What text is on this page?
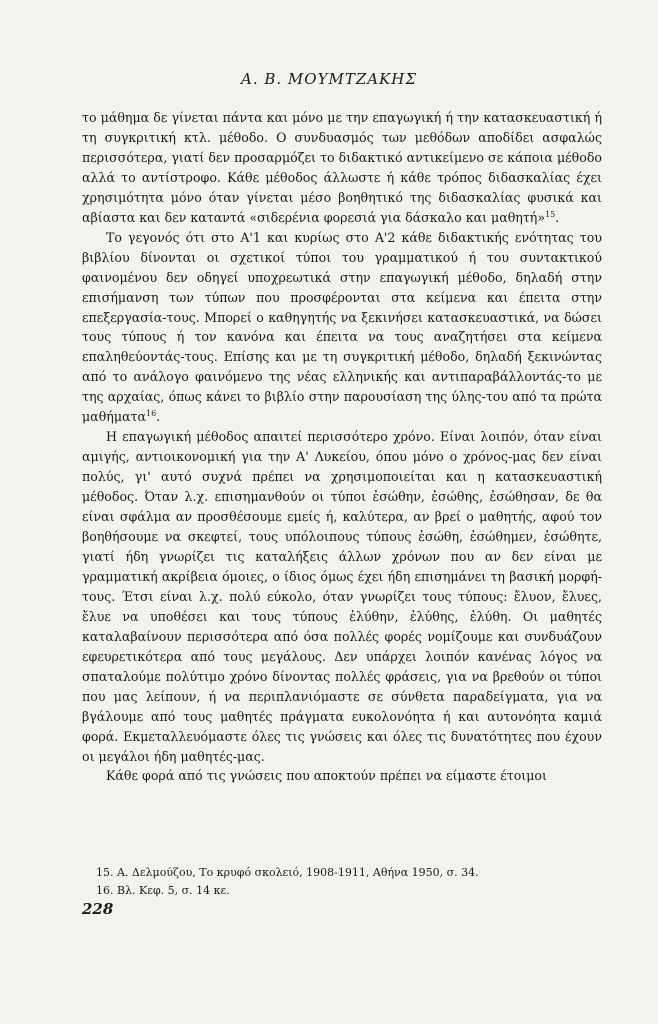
Α. Β. ΜΟΥΜΤΖΑΚΗΣ

το μάθημα δε γίνεται πάντα και μόνο με την επαγωγική ή την κατασκευαστική ή τη συγκριτική κτλ. μέθοδο. Ο συνδυασμός των μεθόδων αποδίδει ασφαλώς περισσότερα, γιατί δεν προσαρμόζει το διδακτικό αντικείμενο σε κάποια μέθοδο αλλά το αντίστροφο. Κάθε μέθοδος άλλωστε ή κάθε τρόπος διδασκαλίας έχει χρησιμότητα μόνο όταν γίνεται μέσο βοηθητικό της διδασκαλίας φυσικά και αβίαστα και δεν καταντά «σιδερένια φορεσιά για δάσκαλο και μαθητή»$^{15}$.

Το γεγονός ότι στο Α'1 και κυρίως στο Α'2 κάθε διδακτικής ενότητας του βιβλίου δίνονται οι σχετικοί τύποι του γραμματικού ή του συντακτικού φαινομένου δεν οδηγεί υποχρεωτικά στην επαγωγική μέθοδο, δηλαδή στην επισήμανση των τύπων που προσφέρονται στα κείμενα και έπειτα στην επεξεργασία-τους. Μπορεί ο καθηγητής να ξεκινήσει κατασκευαστικά, να δώσει τους τύπους ή τον κανόνα και έπειτα να τους αναζητήσει στα κείμενα επαληθεύοντάς-τους. Επίσης και με τη συγκριτική μέθοδο, δηλαδή ξεκινώντας από το ανάλογο φαινόμενο της νέας ελληνικής και αντιπαραβάλλοντάς-το με της αρχαίας, όπως κάνει το βιβλίο στην παρουσίαση της ύλης-του από τα πρώτα μαθήματα$^{16}$.

Η επαγωγική μέθοδος απαιτεί περισσότερο χρόνο. Είναι λοιπόν, όταν είναι αμιγής, αντιοικονομική για την Α' Λυκείου, όπου μόνο ο χρόνος-μας δεν είναι πολύς, γι' αυτό συχνά πρέπει να χρησιμοποιείται και η κατασκευαστική μέθοδος. Όταν λ.χ. επισημανθούν οι τύποι ἐσώθην, ἐσώθης, ἐσώθησαν, δε θα είναι σφάλμα αν προσθέσουμε εμείς ή, καλύτερα, αν βρεί ο μαθητής, αφού τον βοηθήσουμε να σκεφτεί, τους υπόλοιπους τύπους ἐσώθη, ἐσώθημεν, ἐσώθητε, γιατί ήδη γνωρίζει τις καταλήξεις άλλων χρόνων που αν δεν είναι με γραμματική ακρίβεια όμοιες, ο ίδιος όμως έχει ήδη επισημάνει τη βασική μορφή-τους. Έτσι είναι λ.χ. πολύ εύκολο, όταν γνωρίζει τους τύπους: ἔλυον, ἔλυες, ἔλυε να υποθέσει και τους τύπους ἐλύθην, ἐλύθης, ἐλύθη. Οι μαθητές καταλαβαίνουν περισσότερα από όσα πολλές φορές νομίζουμε και συνδυάζουν εφευρετικότερα από τους μεγάλους. Δεν υπάρχει λοιπόν κανένας λόγος να σπαταλούμε πολύτιμο χρόνο δίνοντας πολλές φράσεις, για να βρεθούν οι τύποι που μας λείπουν, ή να περιπλανιόμαστε σε σύνθετα παραδείγματα, για να βγάλουμε από τους μαθητές πράγματα ευκολονόητα ή και αυτονόητα καμιά φορά. Εκμεταλλευόμαστε όλες τις γνώσεις και όλες τις δυνατότητες που έχουν οι μεγάλοι ήδη μαθητές-μας.

Κάθε φορά από τις γνώσεις που αποκτούν πρέπει να είμαστε έτοιμοι

15. Α. Δελμούζου, Το κρυφό σκολειό, 1908-1911, Αθήνα 1950, σ. 34.
16. Βλ. Κεφ. 5, σ. 14 κε.
228
